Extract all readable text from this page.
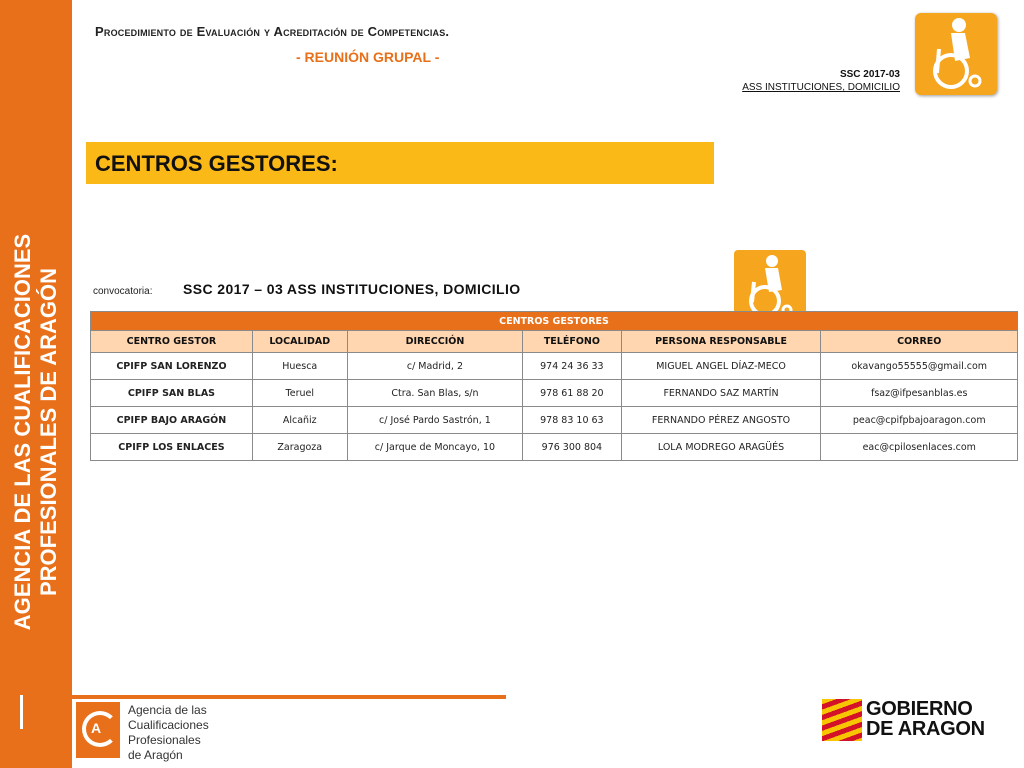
AGENCIA DE LAS CUALIFICACIONES PROFESIONALES DE ARAGÓN
Procedimiento de Evaluación y Acreditación de Competencias.
- REUNIÓN GRUPAL -
SSC 2017-03
ASS INSTITUCIONES, DOMICILIO
CENTROS GESTORES:
convocatoria: SSC 2017 – 03 ASS INSTITUCIONES, DOMICILIO
CENTROS GESTORES					
CENTRO GESTOR	LOCALIDAD	DIRECCIÓN	TELÉFONO	PERSONA RESPONSABLE	CORREO
CPIFP SAN LORENZO	Huesca	c/ Madrid, 2	974 24 36 33	MIGUEL ANGEL DÍAZ-MECO	okavango55555@gmail.com
CPIFP SAN BLAS	Teruel	Ctra. San Blas, s/n	978 61 88 20	FERNANDO SAZ MARTÍN	fsaz@ifpesanblas.es
CPIFP BAJO ARAGÓN	Alcañiz	c/ José Pardo Sastrón, 1	978 83 10 63	FERNANDO PÉREZ ANGOSTO	peac@cpifpbajoaragon.com
CPIFP LOS ENLACES	Zaragoza	c/ Jarque de Moncayo, 10	976 300 804	LOLA MODREGO ARAGÜÉS	eac@cpilosenlaces.com
A
Agencia de las
Cualificaciones
Profesionales
de Aragón
GOBIERNO
DE ARAGON
